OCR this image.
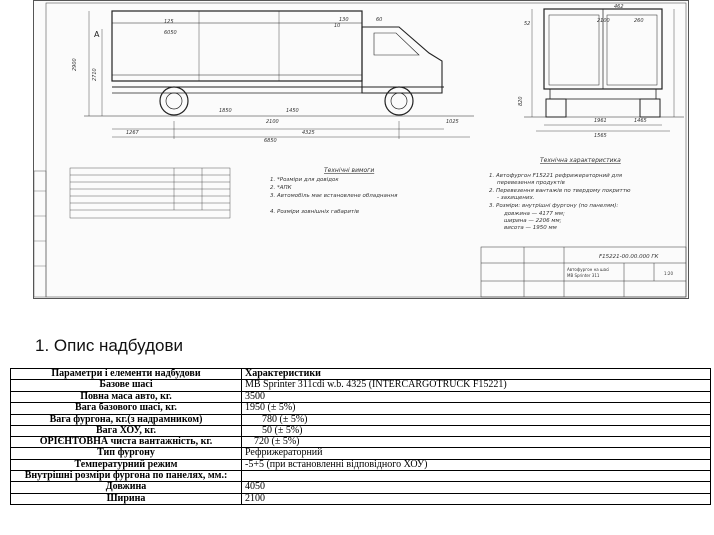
6050
130
2900
60
2710
1267
1850
2100
1450
4325
1025
6850
125
10
A
462
52	2100	260
820
1961	1465
1565
Технічні вимоги
1. *Розміри для довідок
2. *АПК
3. Автомобіль має встановлене обладнання
4. Розміри зовнішніх габаритів
Технічна характеристика
1. Автофургон F15221 рефрижераторний для
перевезення продуктів
2. Перевезення вантажів по твердому покриттю
- захищених.
3. Розміри: внутрішні фургону (по панелям):
довжина — 4177 мм;
ширина — 2206 мм;
висота — 1950 мм
F15221-00.00.000 ГК
Автофургон на шасі
MB Sprinter 311	1:20
1. Опис надбудови
Параметри і елементи надбудови	Характеристики
Базове шасі	MB Sprinter 311cdi w.b. 4325 (INTERCARGOTRUCK F15221)
Повна маса авто, кг.	3500
Вага базового шасі, кг.	1950 (± 5%)
Вага фургона, кг.(з надрамником)	780 (± 5%)
Вага ХОУ, кг.	50 (± 5%)
ОРІЄНТОВНА чиста вантажність, кг.	720 (± 5%)
Тип фургону	Рефрижераторний
Температурний режим	-5+5 (при встановленні відповідного ХОУ)
Внутрішні розміри фургона по панелях, мм.:	
Довжина	4050
Ширина	2100
